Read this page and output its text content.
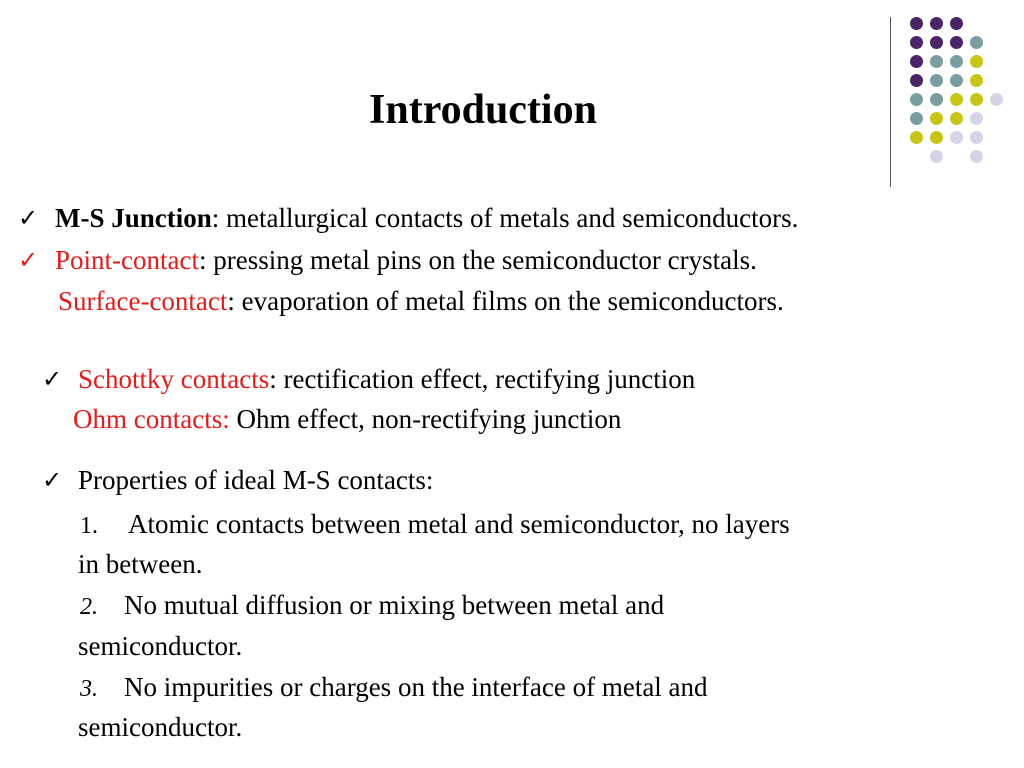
Introduction
✓ M-S Junction: metallurgical contacts of metals and semiconductors.
✓ Point-contact: pressing metal pins on the semiconductor crystals.
Surface-contact: evaporation of metal films on the semiconductors.
✓ Schottky contacts: rectification effect, rectifying junction
Ohm contacts: Ohm effect, non-rectifying junction
✓ Properties of ideal M-S contacts:
1. Atomic contacts between metal and semiconductor, no layers
in between.
2. No mutual diffusion or mixing between metal and
semiconductor.
3. No impurities or charges on the interface of metal and
semiconductor.
